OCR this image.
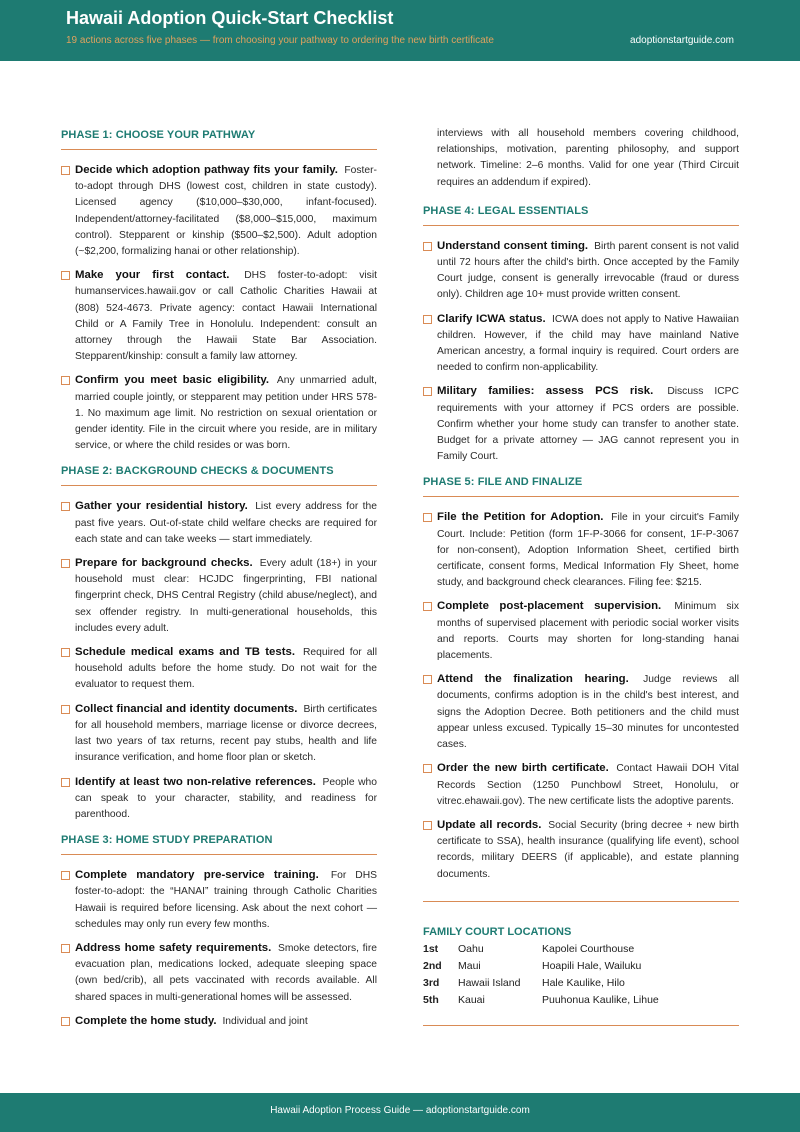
Hawaii Adoption Quick-Start Checklist
19 actions across five phases — from choosing your pathway to ordering the new birth certificate	adoptionstartguide.com
PHASE 1: CHOOSE YOUR PATHWAY
Decide which adoption pathway fits your family. Foster-to-adopt through DHS (lowest cost, children in state custody). Licensed agency ($10,000–$30,000, infant-focused). Independent/attorney-facilitated ($8,000–$15,000, maximum control). Stepparent or kinship ($500–$2,500). Adult adoption (~$2,200, formalizing hanai or other relationship).
Make your first contact. DHS foster-to-adopt: visit humanservices.hawaii.gov or call Catholic Charities Hawaii at (808) 524-4673. Private agency: contact Hawaii International Child or A Family Tree in Honolulu. Independent: consult an attorney through the Hawaii State Bar Association. Stepparent/kinship: consult a family law attorney.
Confirm you meet basic eligibility. Any unmarried adult, married couple jointly, or stepparent may petition under HRS 578-1. No maximum age limit. No restriction on sexual orientation or gender identity. File in the circuit where you reside, are in military service, or where the child resides or was born.
PHASE 2: BACKGROUND CHECKS & DOCUMENTS
Gather your residential history. List every address for the past five years. Out-of-state child welfare checks are required for each state and can take weeks — start immediately.
Prepare for background checks. Every adult (18+) in your household must clear: HCJDC fingerprinting, FBI national fingerprint check, DHS Central Registry (child abuse/neglect), and sex offender registry. In multi-generational households, this includes every adult.
Schedule medical exams and TB tests. Required for all household adults before the home study. Do not wait for the evaluator to request them.
Collect financial and identity documents. Birth certificates for all household members, marriage license or divorce decrees, last two years of tax returns, recent pay stubs, health and life insurance verification, and home floor plan or sketch.
Identify at least two non-relative references. People who can speak to your character, stability, and readiness for parenthood.
PHASE 3: HOME STUDY PREPARATION
Complete mandatory pre-service training. For DHS foster-to-adopt: the “HANAI” training through Catholic Charities Hawaii is required before licensing. Ask about the next cohort — schedules may only run every few months.
Address home safety requirements. Smoke detectors, fire evacuation plan, medications locked, adequate sleeping space (own bed/crib), all pets vaccinated with records available. All shared spaces in multi-generational homes will be assessed.
Complete the home study. Individual and joint
interviews with all household members covering childhood, relationships, motivation, parenting philosophy, and support network. Timeline: 2–6 months. Valid for one year (Third Circuit requires an addendum if expired).
PHASE 4: LEGAL ESSENTIALS
Understand consent timing. Birth parent consent is not valid until 72 hours after the child's birth. Once accepted by the Family Court judge, consent is generally irrevocable (fraud or duress only). Children age 10+ must provide written consent.
Clarify ICWA status. ICWA does not apply to Native Hawaiian children. However, if the child may have mainland Native American ancestry, a formal inquiry is required. Court orders are needed to confirm non-applicability.
Military families: assess PCS risk. Discuss ICPC requirements with your attorney if PCS orders are possible. Confirm whether your home study can transfer to another state. Budget for a private attorney — JAG cannot represent you in Family Court.
PHASE 5: FILE AND FINALIZE
File the Petition for Adoption. File in your circuit's Family Court. Include: Petition (form 1F-P-3066 for consent, 1F-P-3067 for non-consent), Adoption Information Sheet, certified birth certificate, consent forms, Medical Information Fly Sheet, home study, and background check clearances. Filing fee: $215.
Complete post-placement supervision. Minimum six months of supervised placement with periodic social worker visits and reports. Courts may shorten for long-standing hanai placements.
Attend the finalization hearing. Judge reviews all documents, confirms adoption is in the child's best interest, and signs the Adoption Decree. Both petitioners and the child must appear unless excused. Typically 15–30 minutes for uncontested cases.
Order the new birth certificate. Contact Hawaii DOH Vital Records Section (1250 Punchbowl Street, Honolulu, or vitrec.ehawaii.gov). The new certificate lists the adoptive parents.
Update all records. Social Security (bring decree + new birth certificate to SSA), health insurance (qualifying life event), school records, military DEERS (if applicable), and estate planning documents.
FAMILY COURT LOCATIONS
1st	Oahu	Kapolei Courthouse
2nd	Maui	Hoapili Hale, Wailuku
3rd	Hawaii Island	Hale Kaulike, Hilo
5th	Kauai	Puuhonua Kaulike, Lihue
Hawaii Adoption Process Guide — adoptionstartguide.com
